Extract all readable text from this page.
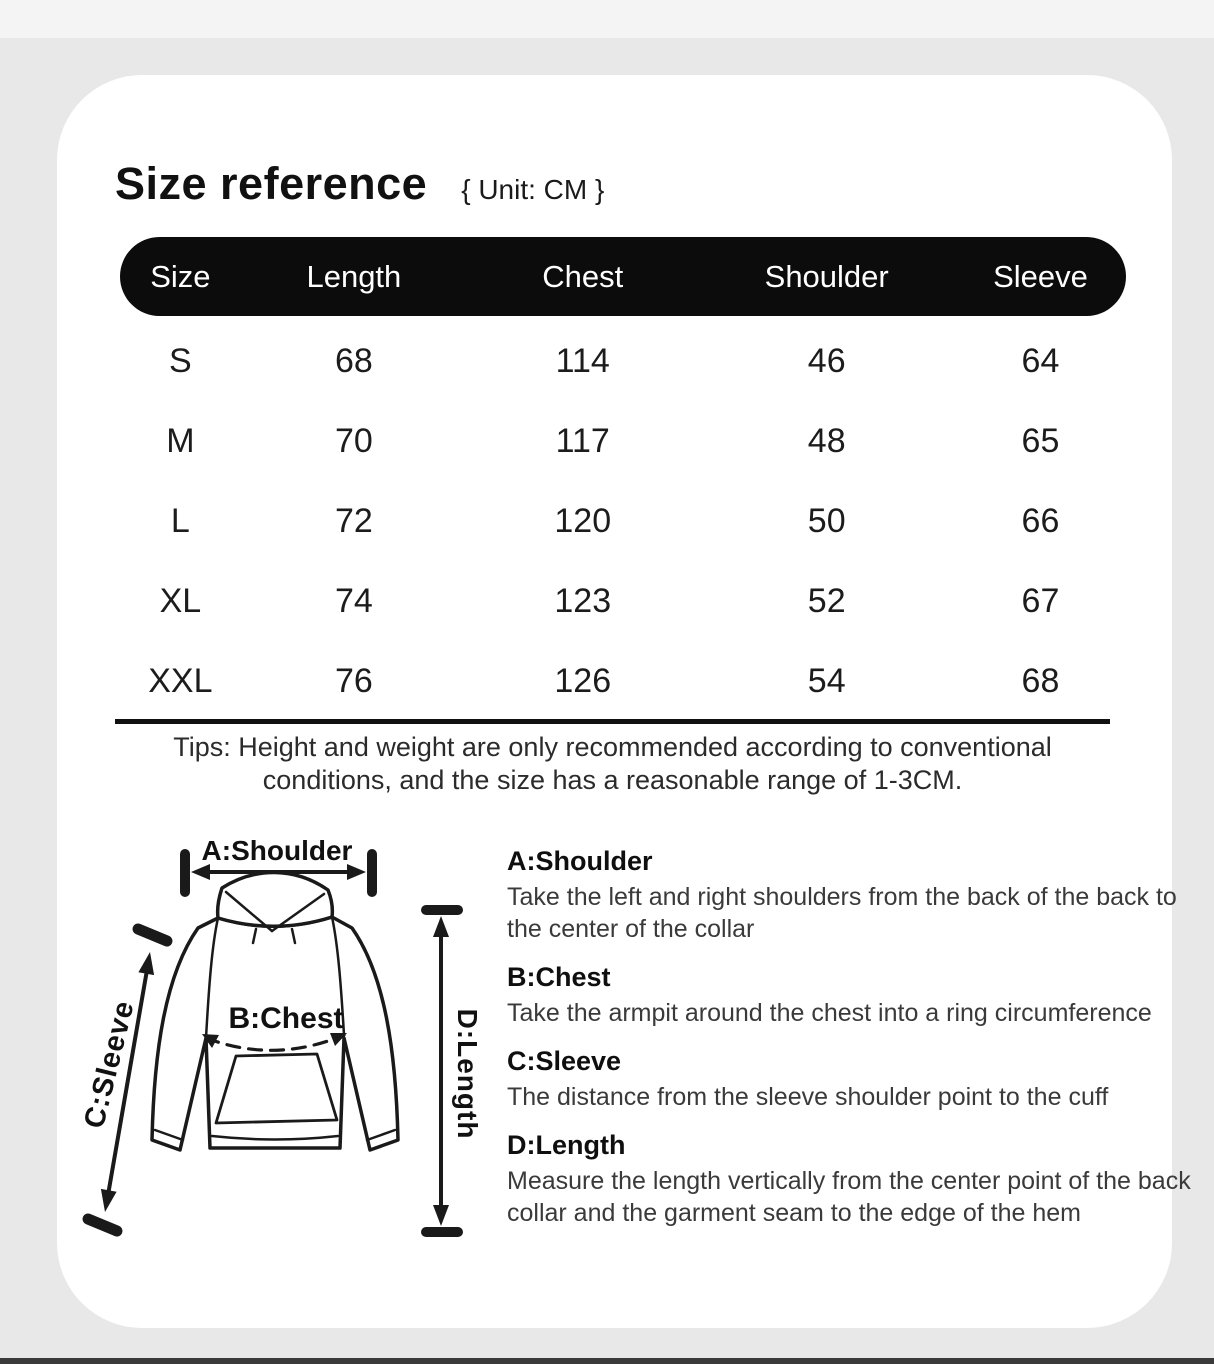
Size reference { Unit: CM }
Size	Length	Chest	Shoulder	Sleeve
S	68	114	46	64
M	70	117	48	65
L	72	120	50	66
XL	74	123	52	67
XXL	76	126	54	68
Tips: Height and weight are only recommended according to conventional
conditions, and the size has a reasonable range of 1-3CM.
A:Shoulder
B:Chest
C:Sleeve	D:Length
A:Shoulder
Take the left and right shoulders from the back of the back to the center of the collar
B:Chest
Take the armpit around the chest into a ring circumference
C:Sleeve
The distance from the sleeve shoulder point to the cuff
D:Length
Measure the length vertically from the center point of the back collar and the garment seam to the edge of the hem
